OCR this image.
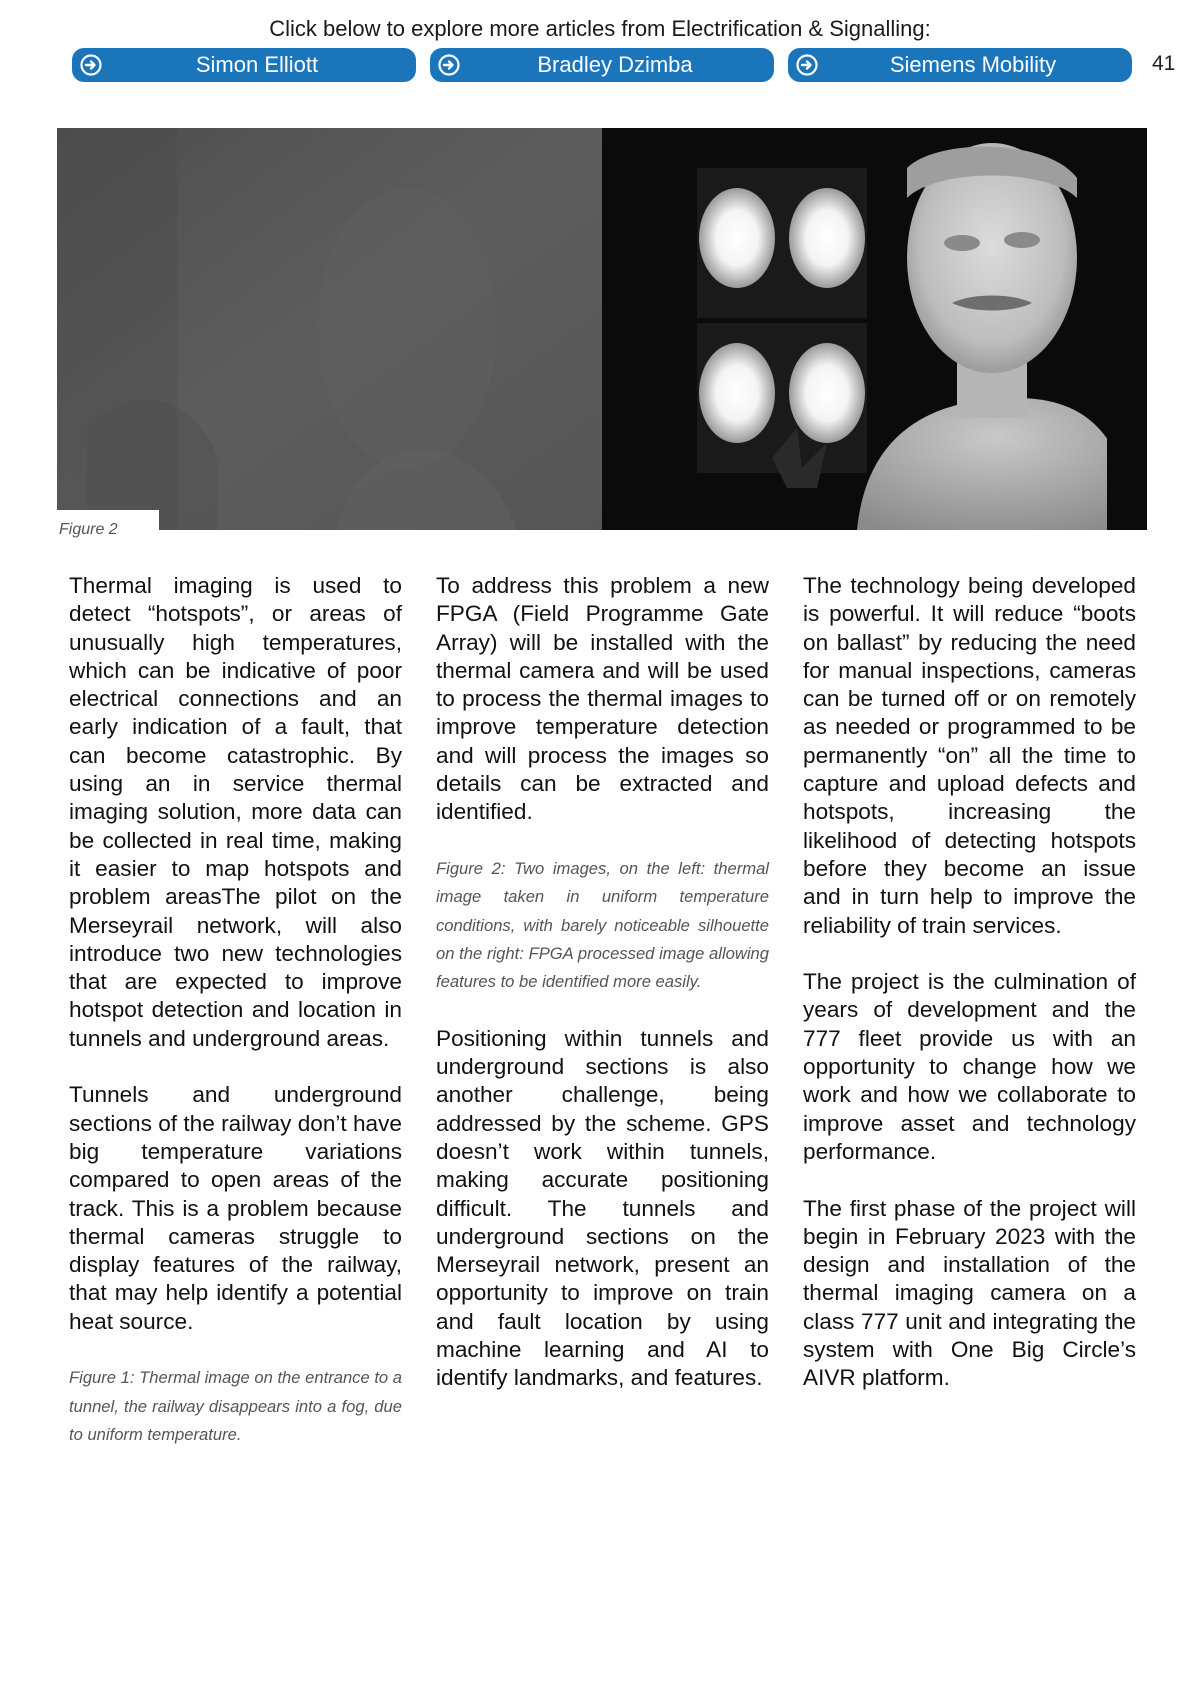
Click below to explore more articles from Electrification & Signalling:
Simon Elliott	Bradley Dzimba	Siemens Mobility	41
Figure 2

Thermal imaging is used to detect “hotspots”, or areas of unusually high temperatures, which can be indicative of poor electrical connections and an early indication of a fault, that can become catastrophic. By using an in service thermal imaging solution, more data can be collected in real time, making it easier to map hotspots and problem areasThe pilot on the Merseyrail network, will also introduce two new technologies that are expected to improve hotspot detection and location in tunnels and underground areas.

Tunnels and underground sections of the railway don’t have big temperature variations compared to open areas of the track. This is a problem because thermal cameras struggle to display features of the railway, that may help identify a potential heat source.

Figure 1: Thermal image on the entrance to a tunnel, the railway disappears into a fog, due to uniform temperature.

To address this problem a new FPGA (Field Programme Gate Array) will be installed with the thermal camera and will be used to process the thermal images to improve temperature detection and will process the images so details can be extracted and identified.

Figure 2: Two images, on the left: thermal image taken in uniform temperature conditions, with barely noticeable silhouette on the right: FPGA processed image allowing features to be identified more easily.

Positioning within tunnels and underground sections is also another challenge, being addressed by the scheme. GPS doesn’t work within tunnels, making accurate positioning difficult. The tunnels and underground sections on the Merseyrail network, present an opportunity to improve on train and fault location by using machine learning and AI to identify landmarks, and features.

The technology being developed is powerful. It will reduce “boots on ballast” by reducing the need for manual inspections, cameras can be turned off or on remotely as needed or programmed to be permanently “on” all the time to capture and upload defects and hotspots, increasing the likelihood of detecting hotspots before they become an issue and in turn help to improve the reliability of train services.

The project is the culmination of years of development and the 777 fleet provide us with an opportunity to change how we work and how we collaborate to improve asset and technology performance.

The first phase of the project will begin in February 2023 with the design and installation of the thermal imaging camera on a class 777 unit and integrating the system with One Big Circle’s AIVR platform.
